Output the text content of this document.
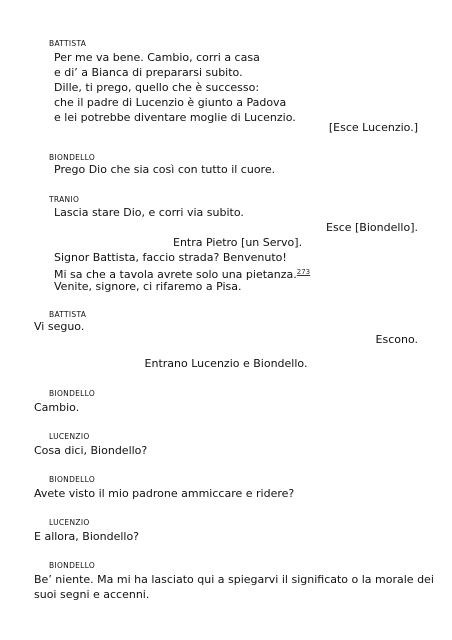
BATTISTA
Per me va bene. Cambio, corri a casa
e di’ a Bianca di prepararsi subito.
Dille, ti prego, quello che è successo:
che il padre di Lucenzio è giunto a Padova
e lei potrebbe diventare moglie di Lucenzio.
[Esce Lucenzio.]
BIONDELLO
Prego Dio che sia così con tutto il cuore.
TRANIO
Lascia stare Dio, e corri via subito.
Esce [Biondello].
Entra Pietro [un Servo].
Signor Battista, faccio strada? Benvenuto!
Mi sa che a tavola avrete solo una pietanza.$^{273}$
Venite, signore, ci rifaremo a Pisa.
BATTISTA
Vi seguo.
Escono.
Entrano Lucenzio e Biondello.
BIONDELLO
Cambio.
LUCENZIO
Cosa dici, Biondello?
BIONDELLO
Avete visto il mio padrone ammiccare e ridere?
LUCENZIO
E allora, Biondello?
BIONDELLO
Be’ niente. Ma mi ha lasciato qui a spiegarvi il significato o la morale dei
suoi segni e accenni.
